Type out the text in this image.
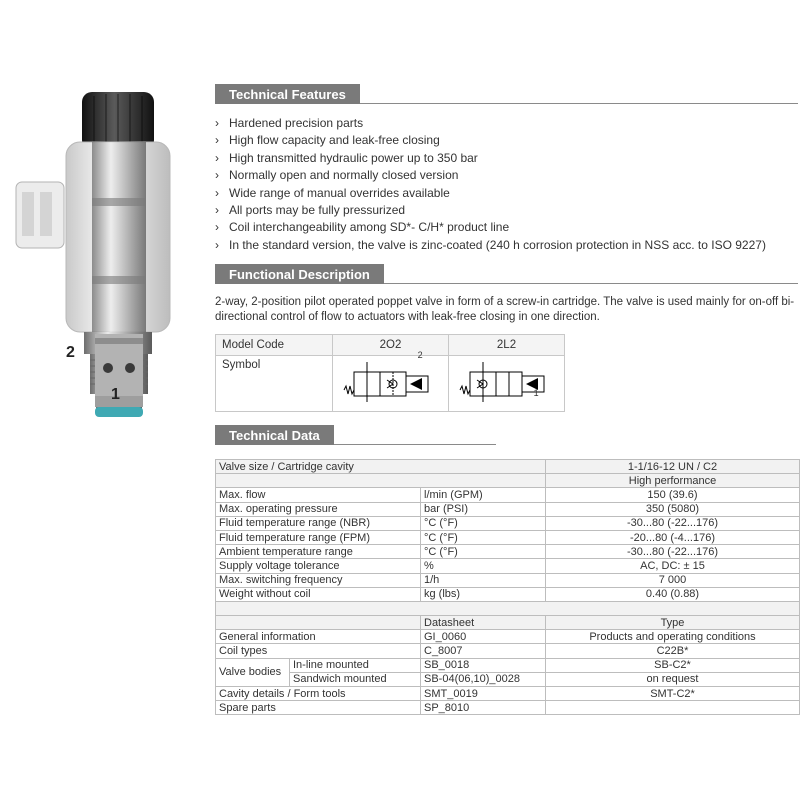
2
1
Technical Features
› Hardened precision parts
› High flow capacity and leak-free closing
› High transmitted hydraulic power up to 350 bar
› Normally open and normally closed version
› Wide range of manual overrides available
› All ports may be fully pressurized
› Coil interchangeability among SD*- C/H* product line
› In the standard version, the valve is zinc-coated (240 h corrosion protection in NSS acc. to ISO 9227)
Functional Description

2-way, 2-position pilot operated poppet valve in form of a screw-in cartridge. The valve is used mainly for on-off bi-directional control of flow to actuators with leak-free closing in one direction.

Model Code	2O2	2L2
Symbol	$^2$	$^1$
Technical Data
Valve size / Cartridge cavity			1-1/16-12 UN / C2
			High performance
Max. flow		l/min (GPM)	150 (39.6)
Max. operating pressure		bar (PSI)	350 (5080)
Fluid temperature range (NBR)		°C (°F)	-30...80 (-22...176)
Fluid temperature range (FPM)		°C (°F)	-20...80 (-4...176)
Ambient temperature range		°C (°F)	-30...80 (-22...176)
Supply voltage tolerance		%	AC, DC: ± 15
Max. switching frequency		1/h	7 000
Weight without coil		kg (lbs)	0.40 (0.88)

		Datasheet	Type
General information		GI_0060	Products and operating conditions
Coil types		C_8007	C22B*
Valve bodies	In-line mounted	SB_0018	SB-C2*
	Sandwich mounted	SB-04(06,10)_0028	on request
Cavity details / Form tools		SMT_0019	SMT-C2*
Spare parts		SP_8010	
